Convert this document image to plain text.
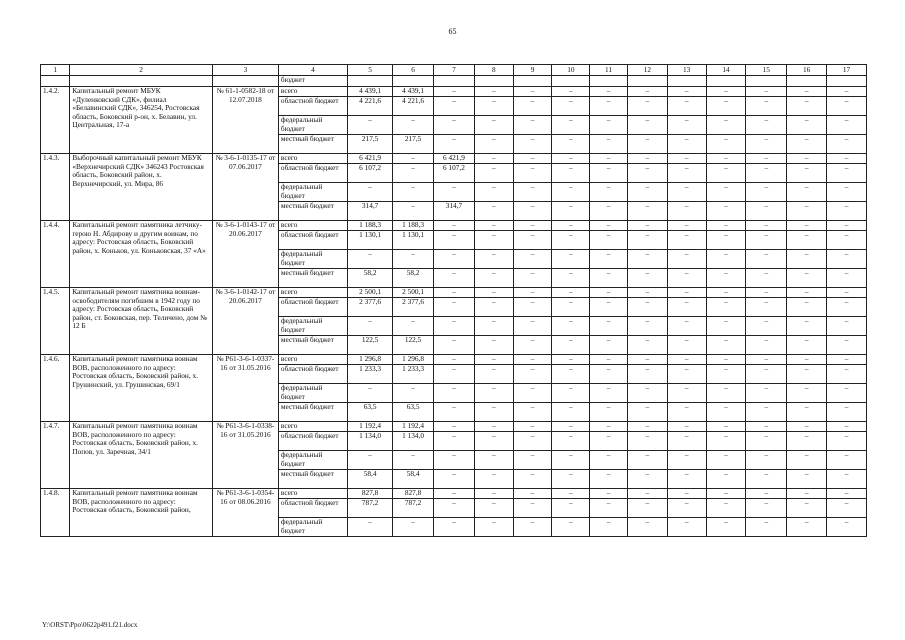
65
1	2	3	4	5	6	7	8	9	10	11	12	13	14	15	16	17
			бюджет													
1.4.2.	Капитальный ремонт МБУК «Дуленковский СДК», филиал «Белавинский СДК», 346254, Ростовская область, Боковский р-он, х. Белавин, ул. Центральная, 17-а	№ 61-1-0582-18 от 12.07.2018	всего	4 439,1	4 439,1	–	–	–	–	–	–	–	–	–	–	–
			областной бюджет	4 221,6	4 221,6	–	–	–	–	–	–	–	–	–	–	–
			федеральный бюджет	–	–	–	–	–	–	–	–	–	–	–	–	–
			местный бюджет	217,5	217,5	–	–	–	–	–	–	–	–	–	–	–
1.4.3.	Выборочный капитальный ремонт МБУК «Верхнечирский СДК» 346243 Ростовская область, Боковский район, х. Верхнечирский, ул. Мира, 86	№ 3-6-1-0135-17 от 07.06.2017	всего	6 421,9	–	6 421,9	–	–	–	–	–	–	–	–	–	–
			областной бюджет	6 107,2	–	6 107,2	–	–	–	–	–	–	–	–	–	–
			федеральный бюджет	–	–	–	–	–	–	–	–	–	–	–	–	–
			местный бюджет	314,7	–	314,7	–	–	–	–	–	–	–	–	–	–
1.4.4.	Капитальный ремонт памятника летчику-герою Н. Абдирову и другим воинам, по адресу: Ростовская область, Боковский район, х. Коньков, ул. Коньковская, 37 «А»	№ 3-6-1-0143-17 от 20.06.2017	всего	1 188,3	1 188,3	–	–	–	–	–	–	–	–	–	–	–
			областной бюджет	1 130,1	1 130,1	–	–	–	–	–	–	–	–	–	–	–
			федеральный бюджет	–	–	–	–	–	–	–	–	–	–	–	–	–
			местный бюджет	58,2	58,2	–	–	–	–	–	–	–	–	–	–	–
1.4.5.	Капитальный ремонт памятника воинам-освободителям погибшим в 1942 году по адресу: Ростовская область, Боковский район, ст. Боковская, пер. Теличено, дом № 12 Б	№ 3-6-1-0142-17 от 20.06.2017	всего	2 500,1	2 500,1	–	–	–	–	–	–	–	–	–	–	–
			областной бюджет	2 377,6	2 377,6	–	–	–	–	–	–	–	–	–	–	–
			федеральный бюджет	–	–	–	–	–	–	–	–	–	–	–	–	–
			местный бюджет	122,5	122,5	–	–	–	–	–	–	–	–	–	–	–
1.4.6.	Капитальный ремонт памятника воинам ВОВ, расположенного по адресу: Ростовская область, Боковский район, х. Грушинский, ул. Грушинская, 69/1	№ Р61-3-6-1-0337-16 от 31.05.2016	всего	1 296,8	1 296,8	–	–	–	–	–	–	–	–	–	–	–
			областной бюджет	1 233,3	1 233,3	–	–	–	–	–	–	–	–	–	–	–
			федеральный бюджет	–	–	–	–	–	–	–	–	–	–	–	–	–
			местный бюджет	63,5	63,5	–	–	–	–	–	–	–	–	–	–	–
1.4.7.	Капитальный ремонт памятника воинам ВОВ, расположенного по адресу: Ростовская область, Боковский район, х. Попов, ул. Заречная, 34/1	№ Р61-3-6-1-0338-16 от 31.05.2016	всего	1 192,4	1 192,4	–	–	–	–	–	–	–	–	–	–	–
			областной бюджет	1 134,0	1 134,0	–	–	–	–	–	–	–	–	–	–	–
			федеральный бюджет	–	–	–	–	–	–	–	–	–	–	–	–	–
			местный бюджет	58,4	58,4	–	–	–	–	–	–	–	–	–	–	–
1.4.8.	Капитальный ремонт памятника воинам ВОВ, расположенного по адресу: Ростовская область, Боковский район,	№ Р61-3-6-1-0354-16 от 08.06.2016	всего	827,8	827,8	–	–	–	–	–	–	–	–	–	–	–
			областной бюджет	787,2	787,2	–	–	–	–	–	–	–	–	–	–	–
			федеральный бюджет	–	–	–	–	–	–	–	–	–	–	–	–	–
Y:\ORST\Ppo\0622p491.f21.docx
